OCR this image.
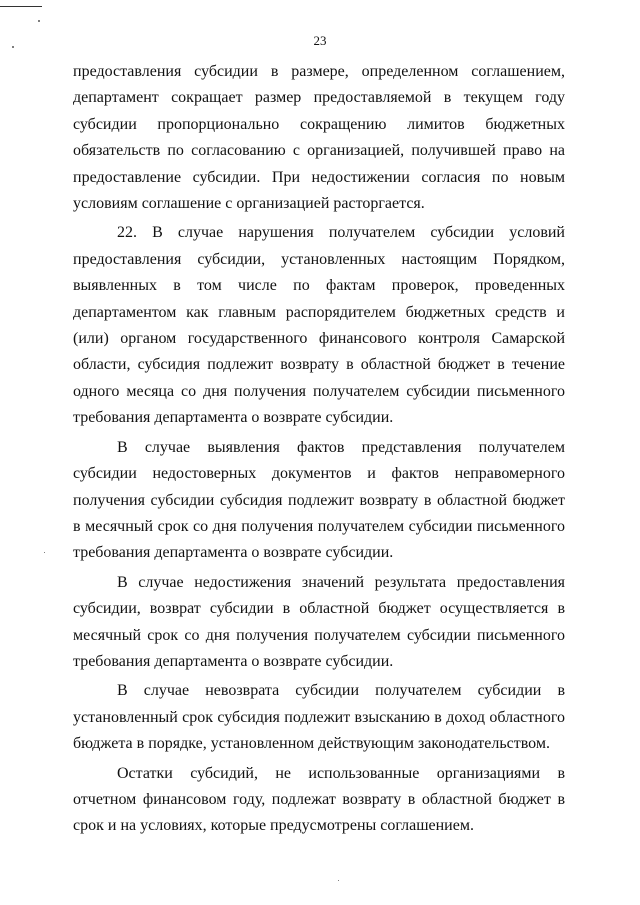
23

предоставления субсидии в размере, определенном соглашением, департамент сокращает размер предоставляемой в текущем году субсидии пропорционально сокращению лимитов бюджетных обязательств по согласованию с организацией, получившей право на предоставление субсидии. При недостижении согласия по новым условиям соглашение с организацией расторгается.

22. В случае нарушения получателем субсидии условий предоставления субсидии, установленных настоящим Порядком, выявленных в том числе по фактам проверок, проведенных департаментом как главным распорядителем бюджетных средств и (или) органом государственного финансового контроля Самарской области, субсидия подлежит возврату в областной бюджет в течение одного месяца со дня получения получателем субсидии письменного требования департамента о возврате субсидии.

В случае выявления фактов представления получателем субсидии недостоверных документов и фактов неправомерного получения субсидии субсидия подлежит возврату в областной бюджет в месячный срок со дня получения получателем субсидии письменного требования департамента о возврате субсидии.

В случае недостижения значений результата предоставления субсидии, возврат субсидии в областной бюджет осуществляется в месячный срок со дня получения получателем субсидии письменного требования департамента о возврате субсидии.

В случае невозврата субсидии получателем субсидии в установленный срок субсидия подлежит взысканию в доход областного бюджета в порядке, установленном действующим законодательством.

Остатки субсидий, не использованные организациями в отчетном финансовом году, подлежат возврату в областной бюджет в срок и на условиях, которые предусмотрены соглашением.
